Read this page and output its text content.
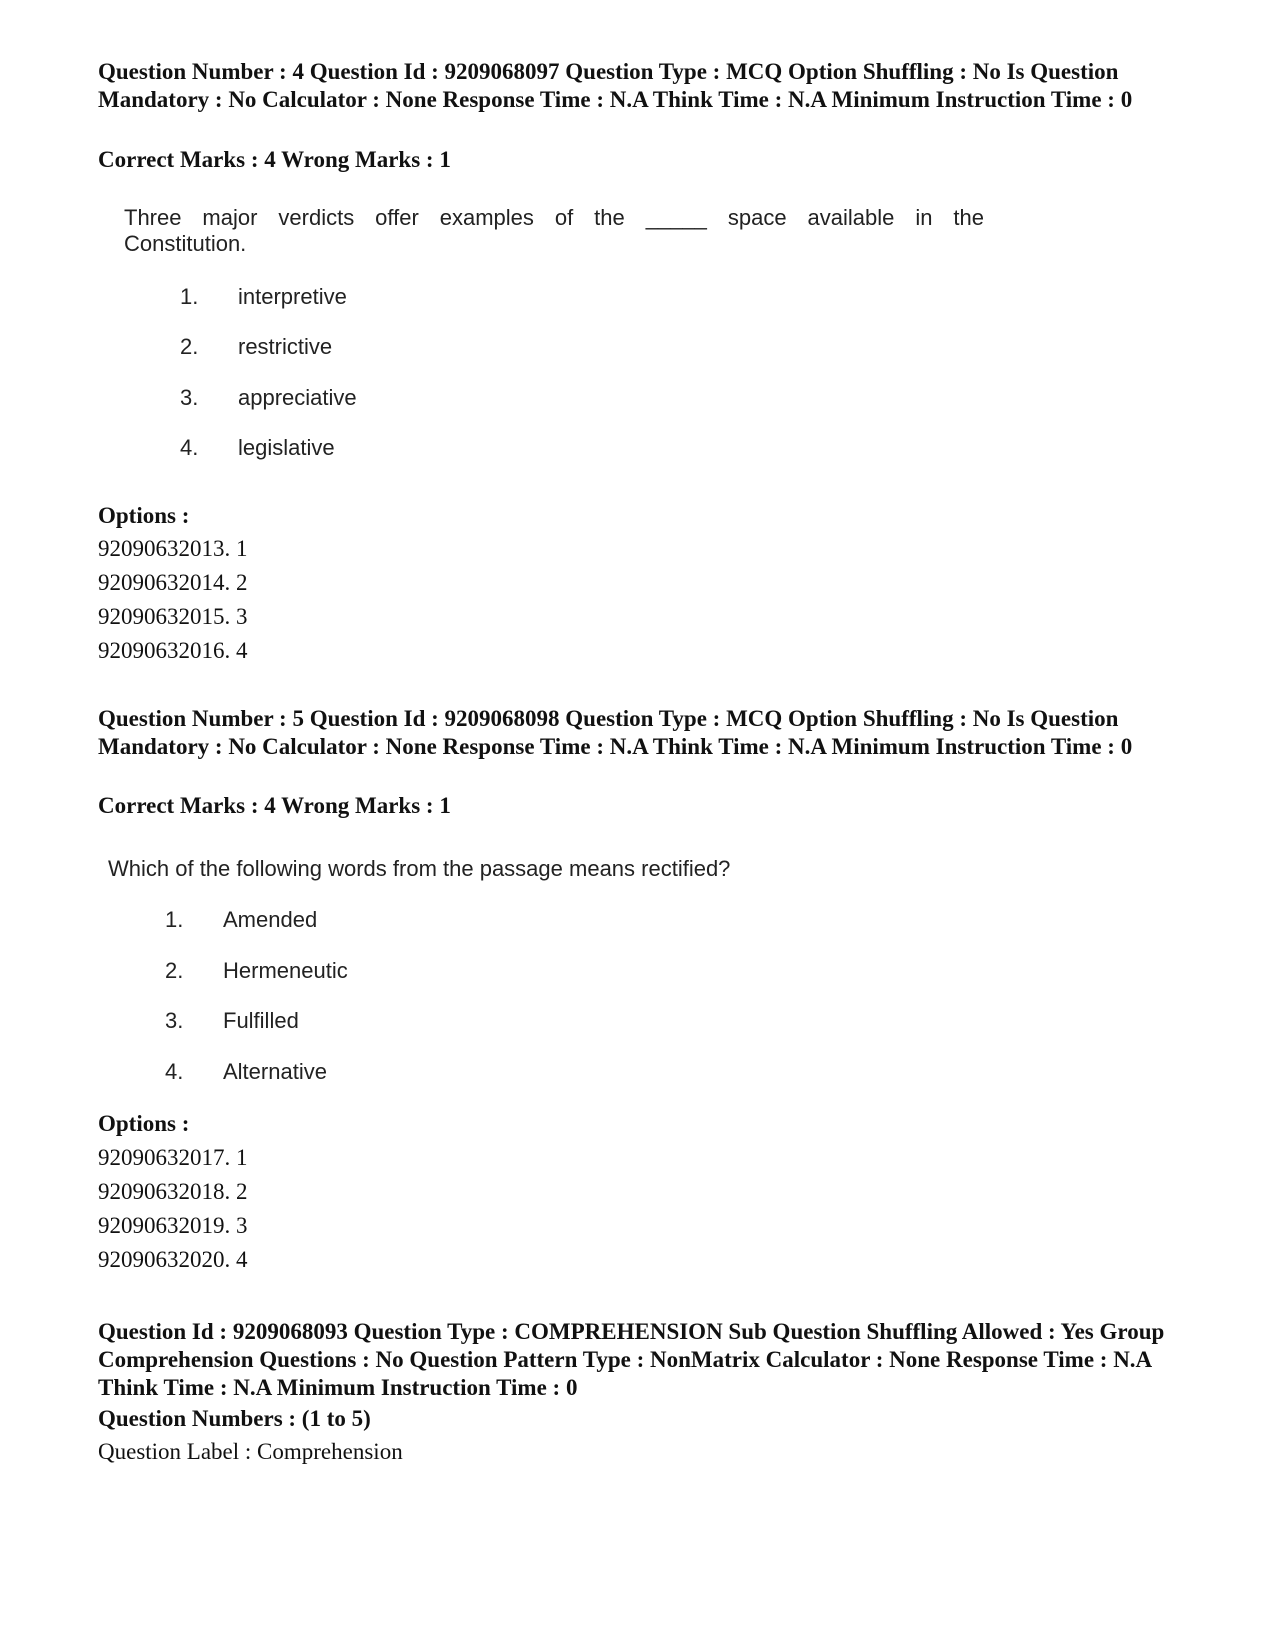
Question Number : 4 Question Id : 9209068097 Question Type : MCQ Option Shuffling : No Is Question Mandatory : No Calculator : None Response Time : N.A Think Time : N.A Minimum Instruction Time : 0

Correct Marks : 4 Wrong Marks : 1

Three major verdicts offer examples of the _____ space available in the Constitution.

1. interpretive

2. restrictive

3. appreciative

4. legislative

Options :

92090632013. 1

92090632014. 2

92090632015. 3

92090632016. 4

Question Number : 5 Question Id : 9209068098 Question Type : MCQ Option Shuffling : No Is Question Mandatory : No Calculator : None Response Time : N.A Think Time : N.A Minimum Instruction Time : 0

Correct Marks : 4 Wrong Marks : 1

Which of the following words from the passage means rectified?

1. Amended

2. Hermeneutic

3. Fulfilled

4. Alternative

Options :

92090632017. 1

92090632018. 2

92090632019. 3

92090632020. 4

Question Id : 9209068093 Question Type : COMPREHENSION Sub Question Shuffling Allowed : Yes Group Comprehension Questions : No Question Pattern Type : NonMatrix Calculator : None Response Time : N.A Think Time : N.A Minimum Instruction Time : 0

Question Numbers : (1 to 5)

Question Label : Comprehension
